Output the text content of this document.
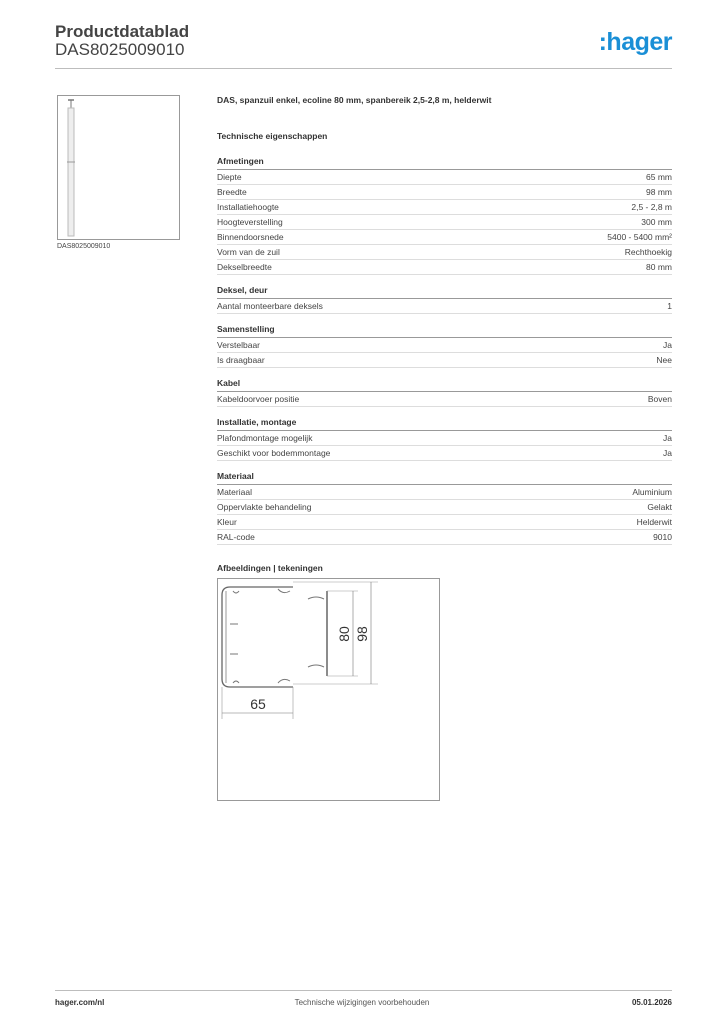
Productdatablad
DAS8025009010	:hager
DAS8025009010
DAS, spanzuil enkel, ecoline 80 mm, spanbereik 2,5-2,8 m, helderwit
Technische eigenschappen
Afmetingen
Diepte	65 mm
Breedte	98 mm
Installatiehoogte	2,5 - 2,8 m
Hoogteverstelling	300 mm
Binnendoorsnede	5400 - 5400 mm²
Vorm van de zuil	Rechthoekig
Dekselbreedte	80 mm
Deksel, deur
Aantal monteerbare deksels	1
Samenstelling
Verstelbaar	Ja
Is draagbaar	Nee
Kabel
Kabeldoorvoer positie	Boven
Installatie, montage
Plafondmontage mogelijk	Ja
Geschikt voor bodemmontage	Ja
Materiaal
Materiaal	Aluminium
Oppervlakte behandeling	Gelakt
Kleur	Helderwit
RAL-code	9010
Afbeeldingen | tekeningen
65
80 98
hager.com/nl	Technische wijzigingen voorbehouden	05.01.2026
